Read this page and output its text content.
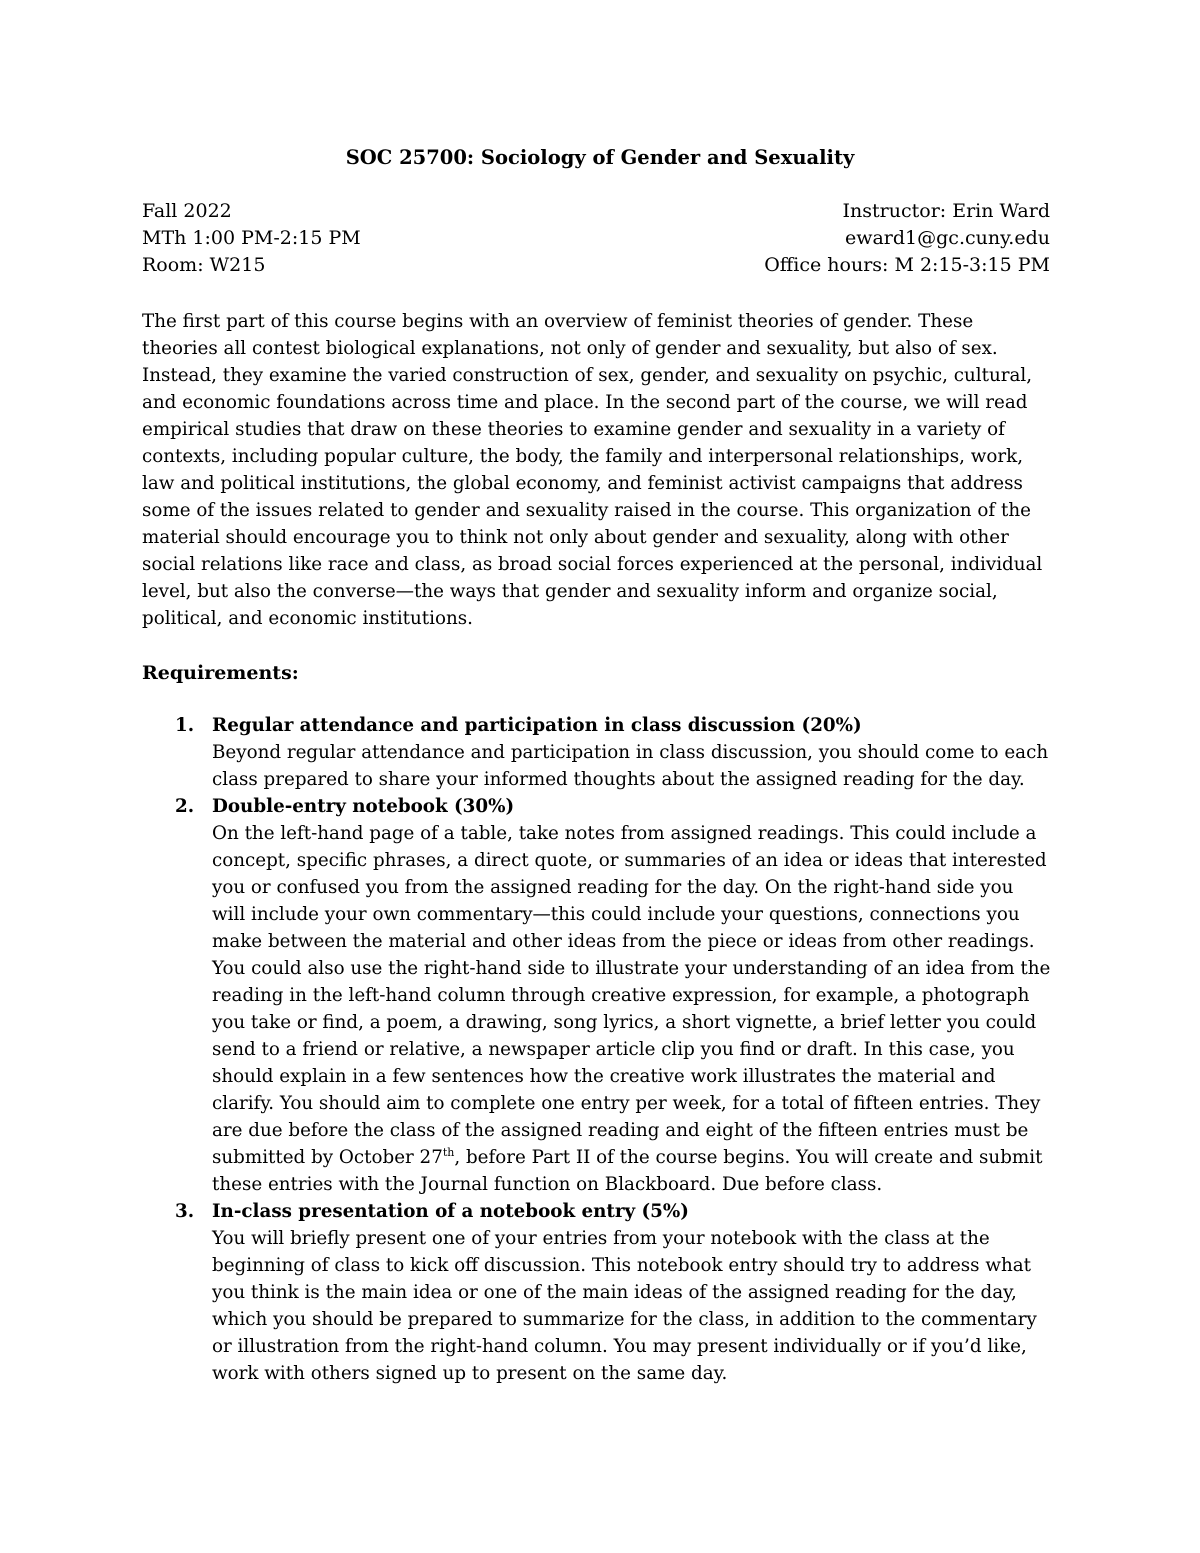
SOC 25700: Sociology of Gender and Sexuality
Fall 2022
MTh 1:00 PM-2:15 PM
Room: W215
Instructor: Erin Ward
eward1@gc.cuny.edu
Office hours: M 2:15-3:15 PM
The first part of this course begins with an overview of feminist theories of gender. These
theories all contest biological explanations, not only of gender and sexuality, but also of sex.
Instead, they examine the varied construction of sex, gender, and sexuality on psychic, cultural,
and economic foundations across time and place. In the second part of the course, we will read
empirical studies that draw on these theories to examine gender and sexuality in a variety of
contexts, including popular culture, the body, the family and interpersonal relationships, work,
law and political institutions, the global economy, and feminist activist campaigns that address
some of the issues related to gender and sexuality raised in the course. This organization of the
material should encourage you to think not only about gender and sexuality, along with other
social relations like race and class, as broad social forces experienced at the personal, individual
level, but also the converse—the ways that gender and sexuality inform and organize social,
political, and economic institutions.
Requirements:
1. Regular attendance and participation in class discussion (20%)
Beyond regular attendance and participation in class discussion, you should come to each
class prepared to share your informed thoughts about the assigned reading for the day.
2. Double-entry notebook (30%)
On the left-hand page of a table, take notes from assigned readings. This could include a
concept, specific phrases, a direct quote, or summaries of an idea or ideas that interested
you or confused you from the assigned reading for the day. On the right-hand side you
will include your own commentary—this could include your questions, connections you
make between the material and other ideas from the piece or ideas from other readings.
You could also use the right-hand side to illustrate your understanding of an idea from the
reading in the left-hand column through creative expression, for example, a photograph
you take or find, a poem, a drawing, song lyrics, a short vignette, a brief letter you could
send to a friend or relative, a newspaper article clip you find or draft. In this case, you
should explain in a few sentences how the creative work illustrates the material and
clarify. You should aim to complete one entry per week, for a total of fifteen entries. They
are due before the class of the assigned reading and eight of the fifteen entries must be
submitted by October 27th, before Part II of the course begins. You will create and submit
these entries with the Journal function on Blackboard. Due before class.
3. In-class presentation of a notebook entry (5%)
You will briefly present one of your entries from your notebook with the class at the
beginning of class to kick off discussion. This notebook entry should try to address what
you think is the main idea or one of the main ideas of the assigned reading for the day,
which you should be prepared to summarize for the class, in addition to the commentary
or illustration from the right-hand column. You may present individually or if you’d like,
work with others signed up to present on the same day.
